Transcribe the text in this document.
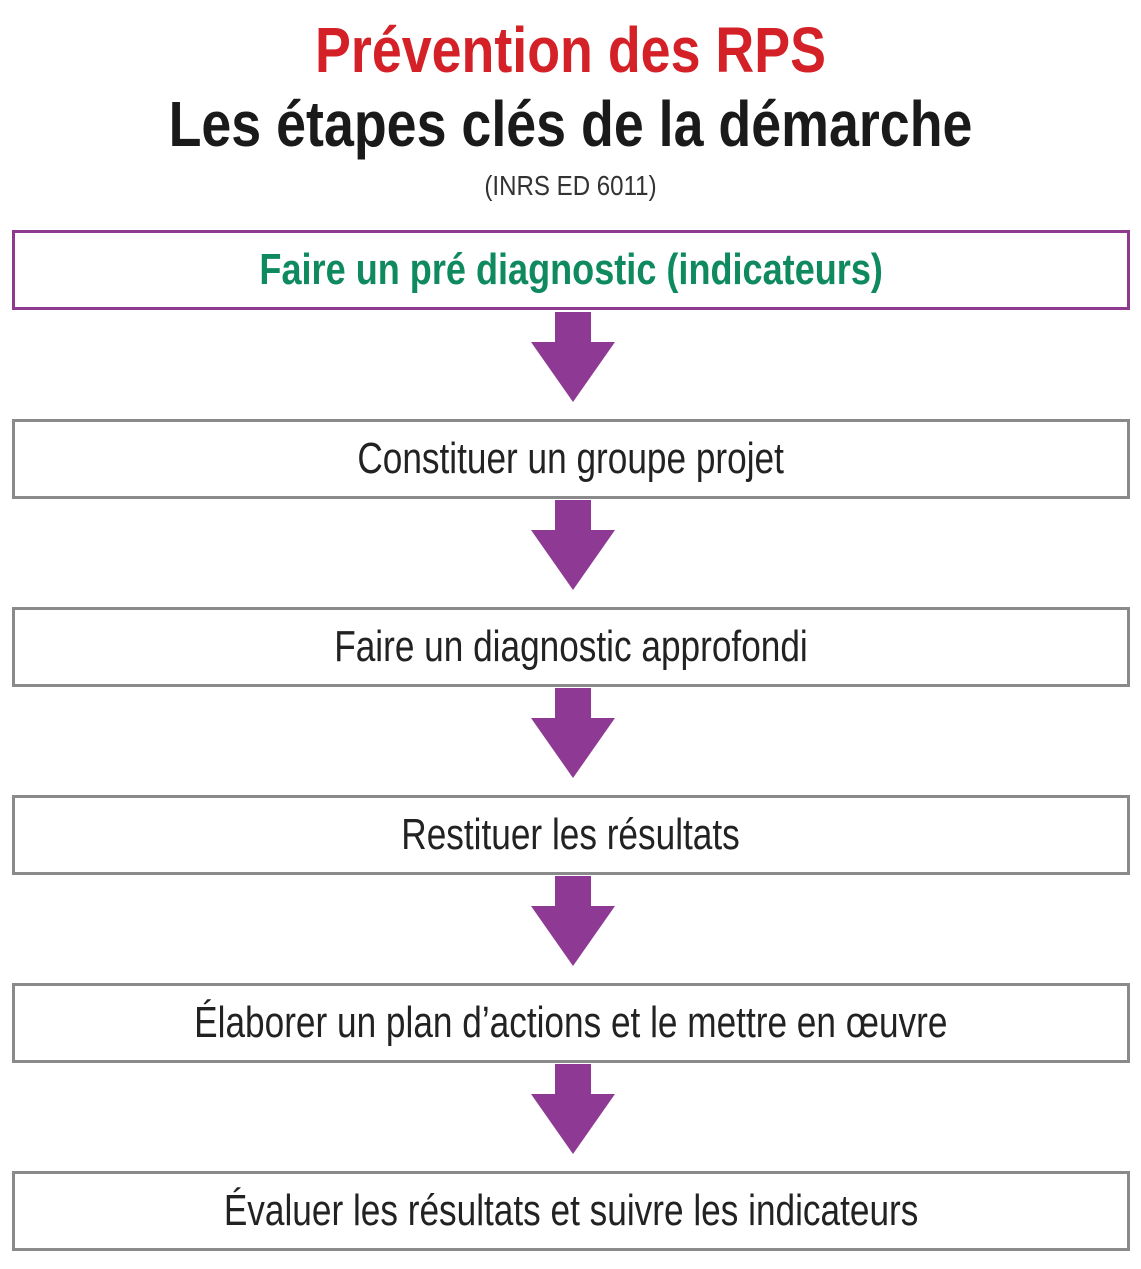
Prévention des RPS
Les étapes clés de la démarche
(INRS ED 6011)
Faire un pré diagnostic (indicateurs)
Constituer un groupe projet
Faire un diagnostic approfondi
Restituer les résultats
Élaborer un plan d’actions et le mettre en œuvre
Évaluer les résultats et suivre les indicateurs
